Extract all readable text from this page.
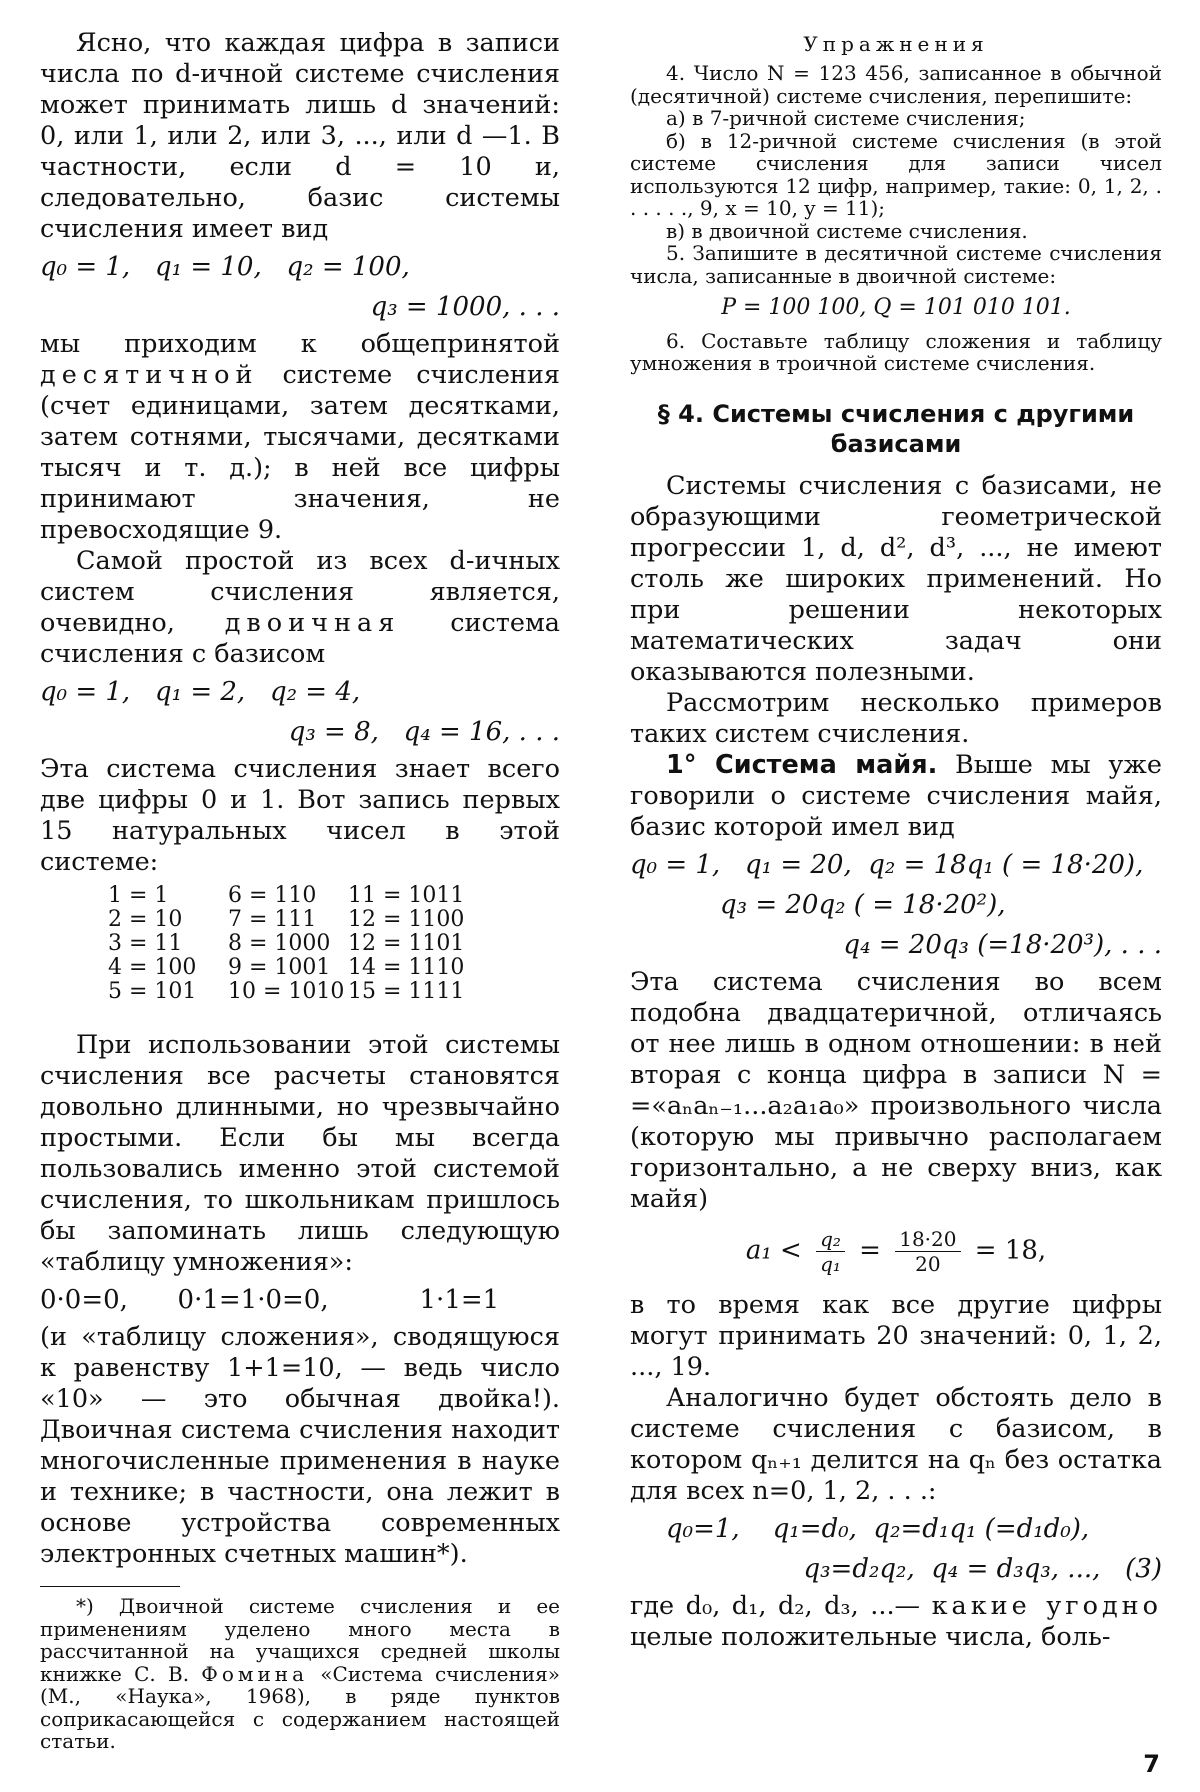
Ясно, что каждая цифра в записи числа по d-ичной системе счисления может принимать лишь d значений: 0, или 1, или 2, или 3, ..., или d —1. В частности, если d = 10 и, следовательно, базис системы счисления имеет вид

q₀ = 1,   q₁ = 10,   q₂ = 100,
q₃ = 1000, . . .

мы приходим к общепринятой десятичной системе счисления (счет единицами, затем десятками, затем сотнями, тысячами, десятками тысяч и т. д.); в ней все цифры принимают значения, не превосходящие 9.

Самой простой из всех d-ичных систем счисления является, очевидно, двоичная система счисления с базисом

q₀ = 1,   q₁ = 2,   q₂ = 4,
q₃ = 8,   q₄ = 16, . . .

Эта система счисления знает всего две цифры 0 и 1. Вот запись первых 15 натуральных чисел в этой системе:

1 = 1	6 = 110	11 = 1011
2 = 10	7 = 111	12 = 1100
3 = 11	8 = 1000 12 = 1101
4 = 100	9 = 1001 14 = 1110
5 = 101	10 = 1010 15 = 1111

При использовании этой системы счисления все расчеты становятся довольно длинными, но чрезвычайно простыми. Если бы мы всегда пользовались именно этой системой счисления, то школьникам пришлось бы запоминать лишь следующую «таблицу умножения»:

0·0=0,      0·1=1·0=0,           1·1=1

(и «таблицу сложения», сводящуюся к равенству 1+1=10, — ведь число «10» — это обычная двойка!). Двоичная система счисления находит многочисленные применения в науке и технике; в частности, она лежит в основе устройства современных электронных счетных машин*).

*) Двоичной системе счисления и ее применениям уделено много места в рассчитанной на учащихся средней школы книжке С. В. Фомина «Система счисления» (М., «Наука», 1968), в ряде пунктов соприкасающейся с содержанием настоящей статьи.

Упражнения

4. Число N = 123 456, записанное в обычной (десятичной) системе счисления, перепишите:

а) в 7-ричной системе счисления;

б) в 12-ричной системе счисления (в этой системе счисления для записи чисел используются 12 цифр, например, такие: 0, 1, 2, . . . . . ., 9, x = 10, y = 11);

в) в двоичной системе счисления.

5. Запишите в десятичной системе счисления числа, записанные в двоичной системе:

P = 100 100, Q = 101 010 101.

6. Составьте таблицу сложения и таблицу умножения в троичной системе счисления.

§ 4. Системы счисления с другими базисами

Системы счисления с базисами, не образующими геометрической прогрессии 1, d, d², d³, ..., не имеют столь же широких применений. Но при решении некоторых математических задач они оказываются полезными.

Рассмотрим несколько примеров таких систем счисления.

1° Система майя. Выше мы уже говорили о системе счисления майя, базис которой имел вид

q₀ = 1,   q₁ = 20,  q₂ = 18q₁ ( = 18·20),
q₃ = 20q₂ ( = 18·20²),
q₄ = 20q₃ (=18·20³), . . .

Эта система счисления во всем подобна двадцатеричной, отличаясь от нее лишь в одном отношении: в ней вторая с конца цифра в записи N = =«aₙaₙ₋₁...a₂a₁a₀» произвольного числа (которую мы привычно располагаем горизонтально, а не сверху вниз, как майя)

$a_1 < \frac{\text{q₂}}{\text{q₁}} = \frac{18\cdot 20}{20} = 18$,

в то время как все другие цифры могут принимать 20 значений: 0, 1, 2, ..., 19.

Аналогично будет обстоять дело в системе счисления с базисом, в котором qₙ₊₁ делится на qₙ без остатка для всех n=0, 1, 2, . . .:

q₀=1,    q₁=d₀,  q₂=d₁q₁ (=d₁d₀),
q₃=d₂q₂,  q₄ = d₃q₃, ...,   (3)

где d₀, d₁, d₂, d₃, ...— какие угодно целые положительные числа, боль-

7
